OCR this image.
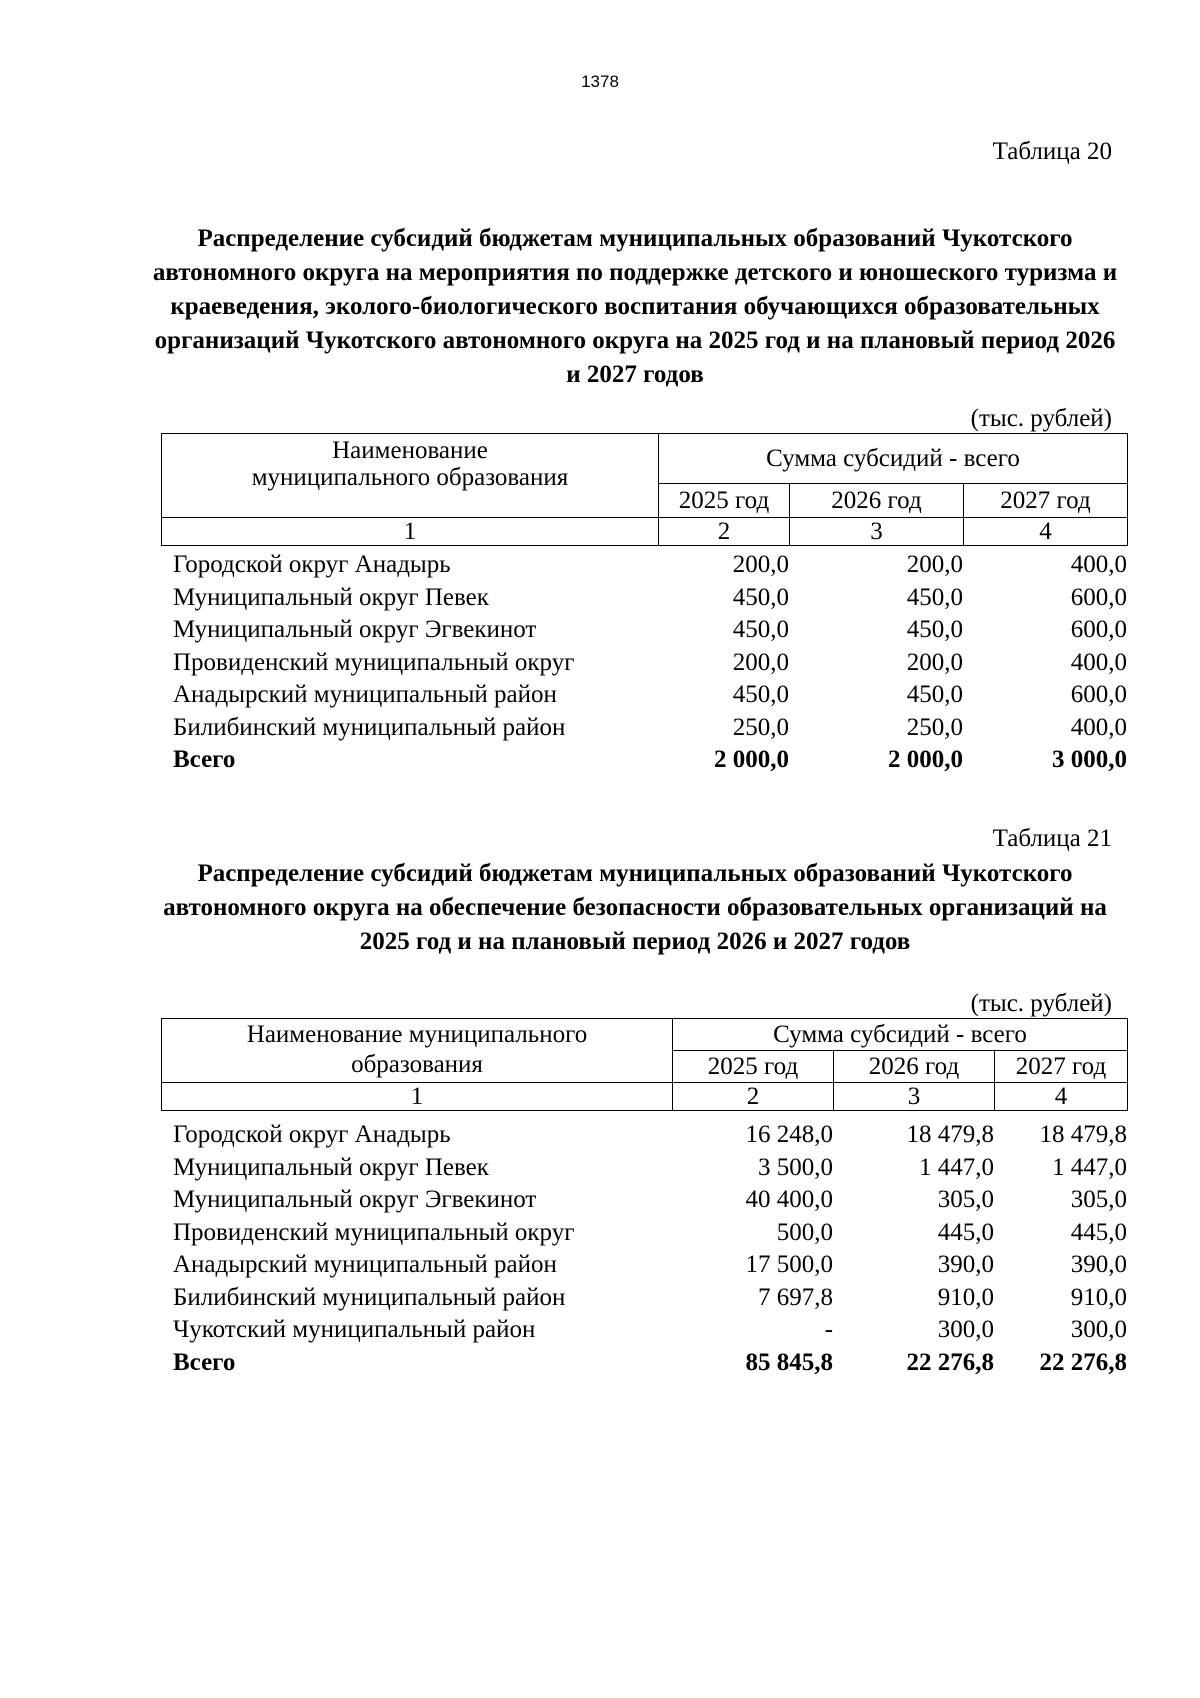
1378
Таблица 20

Распределение субсидий бюджетам муниципальных образований Чукотского автономного округа на мероприятия по поддержке детского и юношеского туризма и краеведения, эколого-биологического воспитания обучающихся образовательных организаций Чукотского автономного округа на 2025 год и на плановый период 2026 и 2027 годов

(тыс. рублей)
Наименование
муниципального образования	Сумма субсидий - всего		
	2025 год	2026 год	2027 год
1	2	3	4
Городской округ Анадырь	200,0	200,0	400,0
Муниципальный округ Певек	450,0	450,0	600,0
Муниципальный округ Эгвекинот	450,0	450,0	600,0
Провиденский муниципальный округ	200,0	200,0	400,0
Анадырский муниципальный район	450,0	450,0	600,0
Билибинский муниципальный район	250,0	250,0	400,0
Всего	2 000,0	2 000,0	3 000,0
Таблица 21

Распределение субсидий бюджетам муниципальных образований Чукотского автономного округа на обеспечение безопасности образовательных организаций на 2025 год и на плановый период 2026 и 2027 годов

(тыс. рублей)
Наименование муниципального
образования	Сумма субсидий - всего		
	2025 год	2026 год	2027 год
1	2	3	4
Городской округ Анадырь	16 248,0	18 479,8	18 479,8
Муниципальный округ Певек	3 500,0	1 447,0	1 447,0
Муниципальный округ Эгвекинот	40 400,0	305,0	305,0
Провиденский муниципальный округ	500,0	445,0	445,0
Анадырский муниципальный район	17 500,0	390,0	390,0
Билибинский муниципальный район	7 697,8	910,0	910,0
Чукотский муниципальный район	-	300,0	300,0
Всего	85 845,8	22 276,8	22 276,8
